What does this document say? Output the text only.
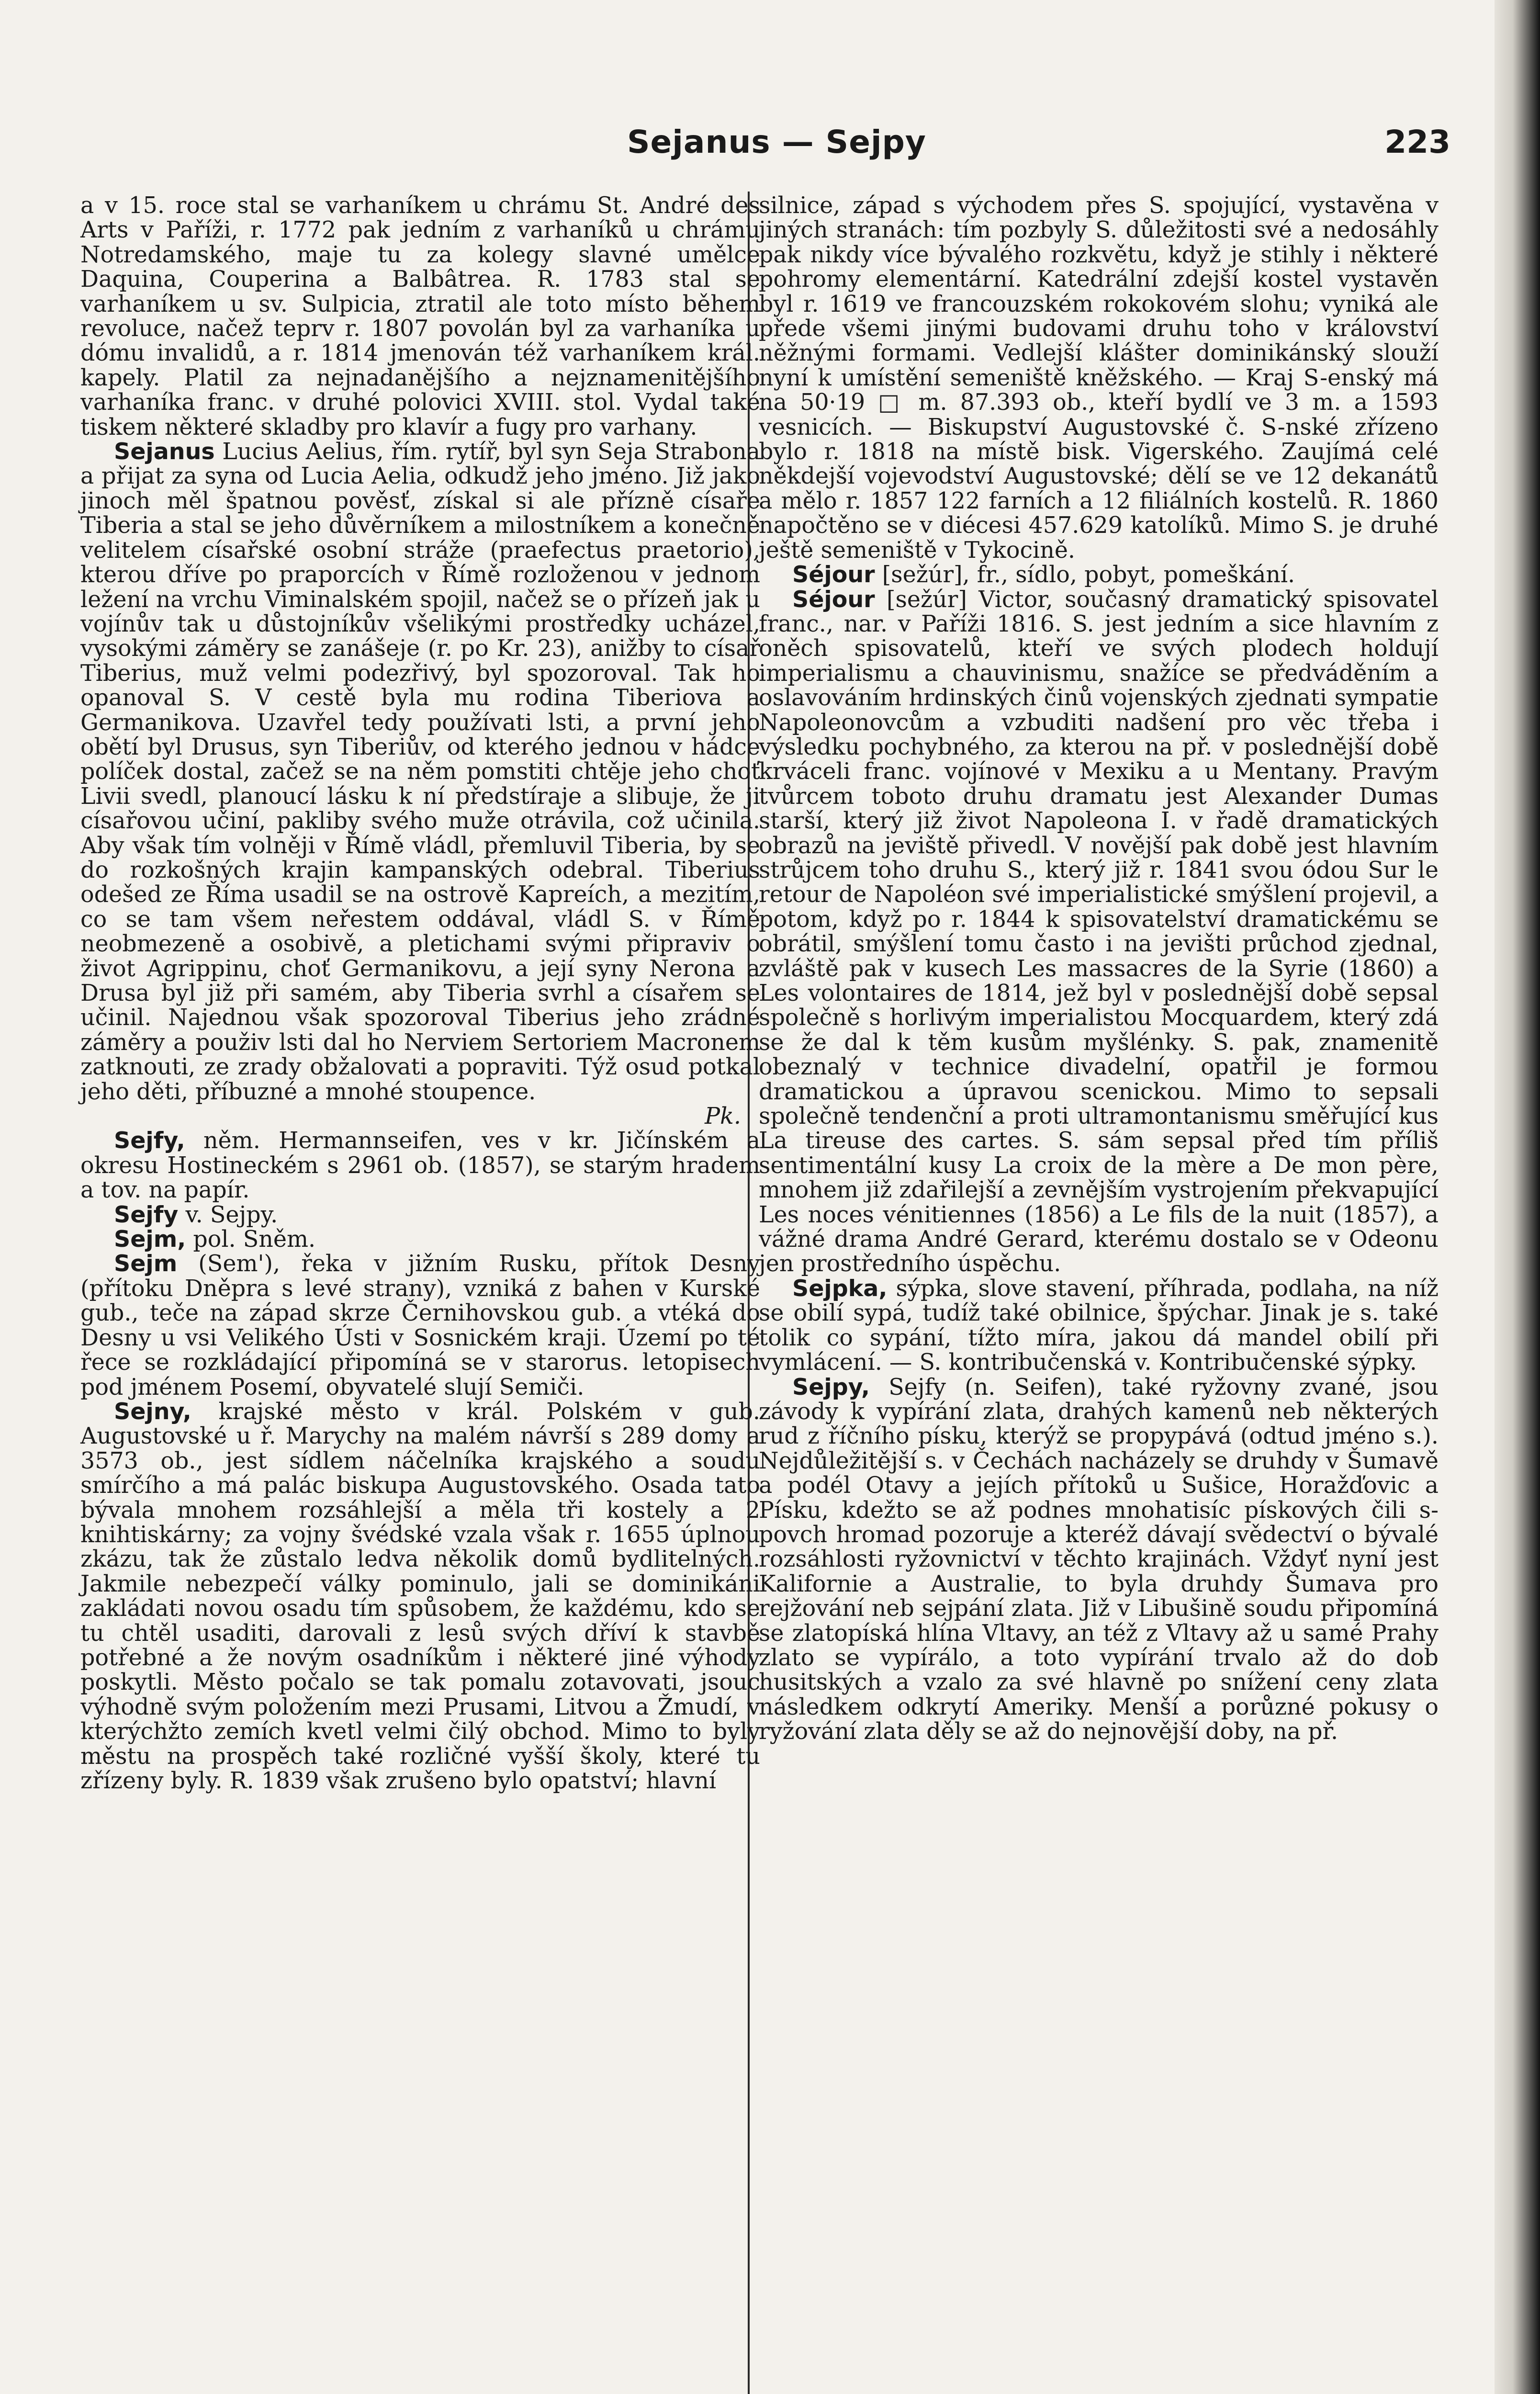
Sejanus — Sejpy	223

a v 15. roce stal se varhaníkem u chrámu St. André des Arts v Paříži, r. 1772 pak jedním z varhaníků u chrámu Notredamského, maje tu za kolegy slavné umělce Daquina, Couperina a Balbâtrea. R. 1783 stal se varhaníkem u sv. Sulpicia, ztratil ale toto místo během revoluce, načež teprv r. 1807 povolán byl za varhaníka u dómu invalidů, a r. 1814 jmenován též varhaníkem král. kapely. Platil za nejnadanějšího a nejznamenitějšího varhaníka franc. v druhé polovici XVIII. stol. Vydal také tiskem některé skladby pro klavír a fugy pro varhany.

Sejanus Lucius Aelius, řím. rytíř, byl syn Seja Strabona a přijat za syna od Lucia Aelia, odkudž jeho jméno. Již jako jinoch měl špatnou pověsť, získal si ale přízně císaře Tiberia a stal se jeho důvěrníkem a milostníkem a konečně velitelem císařské osobní stráže (praefectus praetorio), kterou dříve po praporcích v Římě rozloženou v jednom ležení na vrchu Viminalském spojil, načež se o přízeň jak u vojínův tak u důstojníkův všelikými prostředky ucházel, vysokými záměry se zanášeje (r. po Kr. 23), anižby to císař Tiberius, muž velmi podezřivý, byl spozoroval. Tak ho opanoval S. V cestě byla mu rodina Tiberiova a Germanikova. Uzavřel tedy používati lsti, a první jeho obětí byl Drusus, syn Tiberiův, od kterého jednou v hádce políček dostal, začež se na něm pomstiti chtěje jeho choť Livii svedl, planoucí lásku k ní předstíraje a slibuje, že ji císařovou učiní, pakliby svého muže otrávila, což učinila. Aby však tím volněji v Římě vládl, přemluvil Tiberia, by se do rozkošných krajin kampanských odebral. Tiberius odešed ze Říma usadil se na ostrově Kapreích, a mezitím, co se tam všem neřestem oddával, vládl S. v Římě neobmezeně a osobivě, a pletichami svými připraviv o život Agrippinu, choť Germanikovu, a její syny Nerona a Drusa byl již při samém, aby Tiberia svrhl a císařem se učinil. Najednou však spozoroval Tiberius jeho zrádné záměry a použiv lsti dal ho Nerviem Sertoriem Macronem zatknouti, ze zrady obžalovati a popraviti. Týž osud potkal jeho děti, příbuzné a mnohé stoupence.

Pk.

Sejfy, něm. Hermannseifen, ves v kr. Jičínském a okresu Hostineckém s 2961 ob. (1857), se starým hradem a tov. na papír.

Sejfy v. Sejpy.

Sejm, pol. Sněm.

Sejm (Sem'), řeka v jižním Rusku, přítok Desny (přítoku Dněpra s levé strany), vzniká z bahen v Kurské gub., teče na západ skrze Černihovskou gub. a vtéká do Desny u vsi Velikého Ústi v Sosnickém kraji. Území po té řece se rozkládající připomíná se v starorus. letopisech pod jménem Posemí, obyvatelé slují Semiči.

Sejny, krajské město v král. Polském v gub. Augustovské u ř. Marychy na malém návrší s 289 domy a 3573 ob., jest sídlem náčelníka krajského a soudu smírčího a má palác biskupa Augustovského. Osada tato bývala mnohem rozsáhlejší a měla tři kostely a 2 knihtiskárny; za vojny švédské vzala však r. 1655 úplnou zkázu, tak že zůstalo ledva několik domů bydlitelných. Jakmile nebezpečí války pominulo, jali se dominikáni zakládati novou osadu tím spůsobem, že každému, kdo se tu chtěl usaditi, darovali z lesů svých dříví k stavbě potřebné a že novým osadníkům i některé jiné výhody poskytli. Město počalo se tak pomalu zotavovati, jsouc výhodně svým položením mezi Prusami, Litvou a Žmudí, v kterýchžto zemích kvetl velmi čilý obchod. Mimo to byly městu na prospěch také rozličné vyšší školy, které tu zřízeny byly. R. 1839 však zrušeno bylo opatství; hlavní

silnice, západ s východem přes S. spojující, vystavěna v jiných stranách: tím pozbyly S. důležitosti své a nedosáhly pak nikdy více bývalého rozkvětu, když je stihly i některé pohromy elementární. Katedrální zdejší kostel vystavěn byl r. 1619 ve francouzském rokokovém slohu; vyniká ale přede všemi jinými budovami druhu toho v království něžnými formami. Vedlejší klášter dominikánský slouží nyní k umístění semeniště kněžského. — Kraj S-enský má na 50·19 □ m. 87.393 ob., kteří bydlí ve 3 m. a 1593 vesnicích. — Biskupství Augustovské č. S-nské zřízeno bylo r. 1818 na místě bisk. Vigerského. Zaujímá celé někdejší vojevodství Augustovské; dělí se ve 12 dekanátů a mělo r. 1857 122 farních a 12 filiálních kostelů. R. 1860 napočtěno se v diécesi 457.629 katolíků. Mimo S. je druhé ještě semeniště v Tykocině.

Séjour [sežúr], fr., sídlo, pobyt, pomeškání.

Séjour [sežúr] Victor, současný dramatický spisovatel franc., nar. v Paříži 1816. S. jest jedním a sice hlavním z oněch spisovatelů, kteří ve svých plodech holdují imperialismu a chauvinismu, snažíce se předváděním a oslavováním hrdinských činů vojenských zjednati sympatie Napoleonovcům a vzbuditi nadšení pro věc třeba i výsledku pochybného, za kterou na př. v poslednější době krváceli franc. vojínové v Mexiku a u Mentany. Pravým tvůrcem toboto druhu dramatu jest Alexander Dumas starší, který již život Napoleona I. v řadě dramatických obrazů na jeviště přivedl. V novější pak době jest hlavním strůjcem toho druhu S., který již r. 1841 svou ódou Sur le retour de Napoléon své imperialistické smýšlení projevil, a potom, když po r. 1844 k spisovatelství dramatickému se obrátil, smýšlení tomu často i na jevišti průchod zjednal, zvláště pak v kusech Les massacres de la Syrie (1860) a Les volontaires de 1814, jež byl v poslednější době sepsal společně s horlivým imperialistou Mocquardem, který zdá se že dal k těm kusům myšlénky. S. pak, znamenitě obeznalý v technice divadelní, opatřil je formou dramatickou a úpravou scenickou. Mimo to sepsali společně tendenční a proti ultramontanismu směřující kus La tireuse des cartes. S. sám sepsal před tím příliš sentimentální kusy La croix de la mère a De mon père, mnohem již zdařilejší a zevnějším vystrojením překvapující Les noces vénitiennes (1856) a Le fils de la nuit (1857), a vážné drama André Gerard, kterému dostalo se v Odeonu jen prostředního úspěchu.

Sejpka, sýpka, slove stavení, příhrada, podlaha, na níž se obilí sypá, tudíž také obilnice, špýchar. Jinak je s. také tolik co sypání, tížto míra, jakou dá mandel obilí při vymlácení. — S. kontribučenská v. Kontribučenské sýpky.

Sejpy, Sejfy (n. Seifen), také ryžovny zvané, jsou závody k vypírání zlata, drahých kamenů neb některých rud z říčního písku, kterýž se propypává (odtud jméno s.). Nejdůležitější s. v Čechách nacházely se druhdy v Šumavě a podél Otavy a jejích přítoků u Sušice, Horažďovic a Písku, kdežto se až podnes mnohatisíc pískových čili s-povch hromad pozoruje a kteréž dávají svědectví o bývalé rozsáhlosti ryžovnictví v těchto krajinách. Vždyť nyní jest Kalifornie a Australie, to byla druhdy Šumava pro rejžování neb sejpání zlata. Již v Libušině soudu připomíná se zlatopíská hlína Vltavy, an též z Vltavy až u samé Prahy zlato se vypírálo, a toto vypírání trvalo až do dob husitských a vzalo za své hlavně po snížení ceny zlata následkem odkrytí Ameriky. Menší a porůzné pokusy o ryžování zlata děly se až do nejnovější doby, na př.
